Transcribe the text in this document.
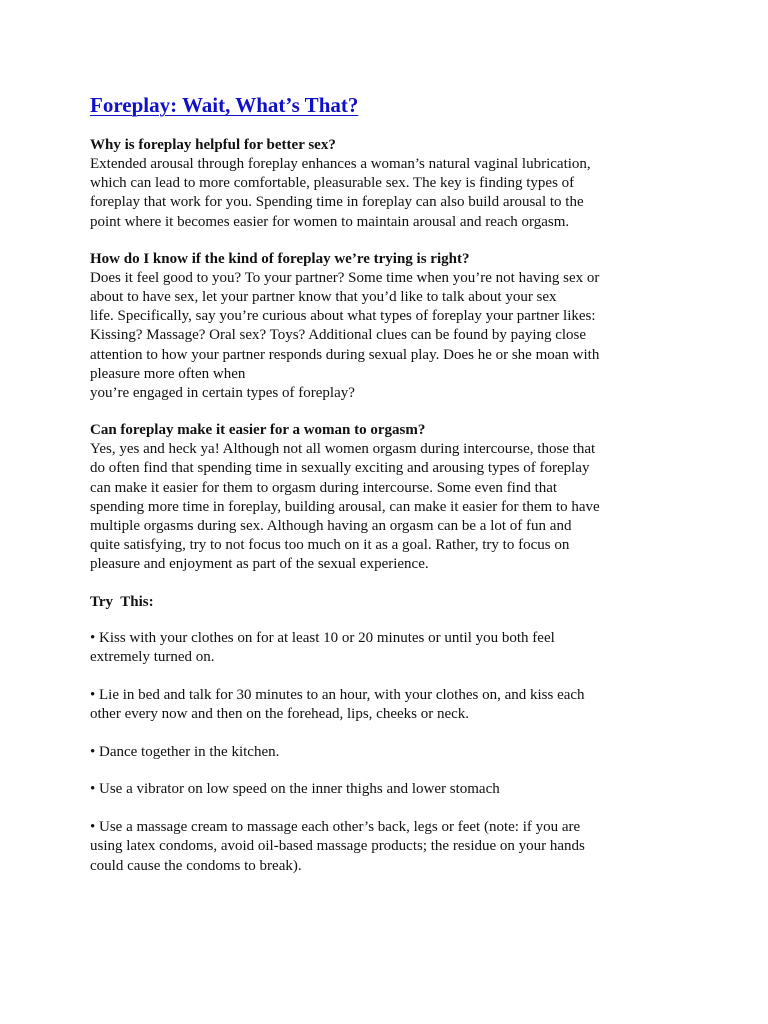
Foreplay: Wait, What’s That?

Why is foreplay helpful for better sex?

Extended arousal through foreplay enhances a woman’s natural vaginal lubrication,

which can lead to more comfortable, pleasurable sex. The key is finding types of

foreplay that work for you. Spending time in foreplay can also build arousal to the

point where it becomes easier for women to maintain arousal and reach orgasm.

How do I know if the kind of foreplay we’re trying is right?

Does it feel good to you? To your partner? Some time when you’re not having sex or

about to have sex, let your partner know that you’d like to talk about your sex

life. Specifically, say you’re curious about what types of foreplay your partner likes:

Kissing? Massage? Oral sex? Toys? Additional clues can be found by paying close

attention to how your partner responds during sexual play. Does he or she moan with

pleasure more often when

you’re engaged in certain types of foreplay?

Can foreplay make it easier for a woman to orgasm?

Yes, yes and heck ya! Although not all women orgasm during intercourse, those that

do often find that spending time in sexually exciting and arousing types of foreplay

can make it easier for them to orgasm during intercourse. Some even find that

spending more time in foreplay, building arousal, can make it easier for them to have

multiple orgasms during sex. Although having an orgasm can be a lot of fun and

quite satisfying, try to not focus too much on it as a goal. Rather, try to focus on

pleasure and enjoyment as part of the sexual experience.

Try  This:

• Kiss with your clothes on for at least 10 or 20 minutes or until you both feel
extremely turned on.
• Lie in bed and talk for 30 minutes to an hour, with your clothes on, and kiss each
other every now and then on the forehead, lips, cheeks or neck.
• Dance together in the kitchen.
• Use a vibrator on low speed on the inner thighs and lower stomach
• Use a massage cream to massage each other’s back, legs or feet (note: if you are
using latex condoms, avoid oil-based massage products; the residue on your hands
could cause the condoms to break).
